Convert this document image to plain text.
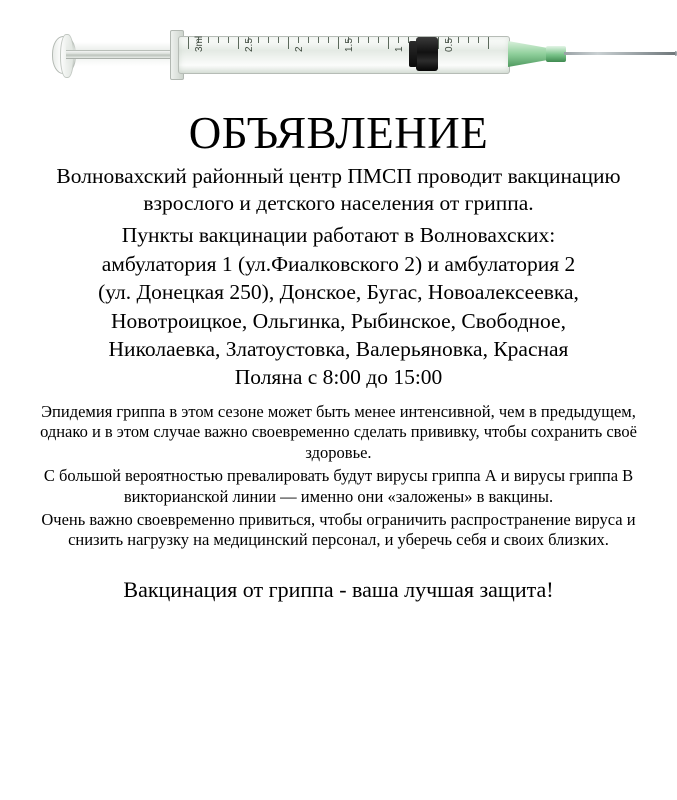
3ml	2.5	2	1.5	1	0.5
ОБЪЯВЛЕНИЕ
Волновахский районный центр ПМСП проводит вакцинацию взрослого и детского населения от гриппа.
Пункты вакцинации работают в Волновахских:
амбулатория 1 (ул.Фиалковского 2) и амбулатория 2
(ул. Донецкая 250), Донское, Бугас, Новоалексеевка,
Новотроицкое, Ольгинка, Рыбинское, Свободное,
Николаевка, Златоустовка, Валерьяновка, Красная
Поляна с 8:00 до 15:00

Эпидемия гриппа в этом сезоне может быть менее интенсивной, чем в предыдущем, однако и в этом случае важно своевременно сделать прививку, чтобы сохранить своё здоровье.

С большой вероятностью превалировать будут вирусы гриппа А и вирусы гриппа В викторианской линии — именно они «заложены» в вакцины.

Очень важно своевременно привиться, чтобы ограничить распространение вируса и снизить нагрузку на медицинский персонал, и уберечь себя и своих близких.

Вакцинация от гриппа - ваша лучшая защита!
